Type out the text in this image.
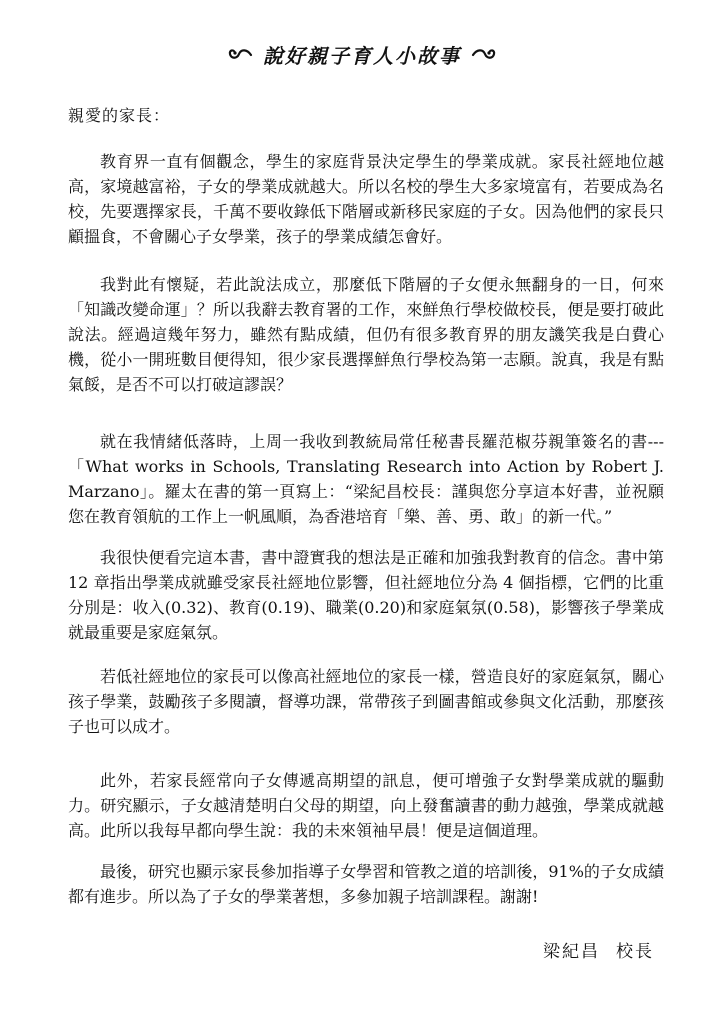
說好親子育人小故事
親愛的家長：

教育界一直有個觀念，學生的家庭背景決定學生的學業成就。家長社經地位越高，家境越富裕，子女的學業成就越大。所以名校的學生大多家境富有，若要成為名校，先要選擇家長，千萬不要收錄低下階層或新移民家庭的子女。因為他們的家長只顧搵食，不會關心子女學業，孩子的學業成績怎會好。

我對此有懷疑，若此說法成立，那麼低下階層的子女便永無翻身的一日，何來「知識改變命運」？所以我辭去教育署的工作，來鮮魚行學校做校長，便是要打破此說法。經過這幾年努力，雖然有點成績，但仍有很多教育界的朋友譏笑我是白費心機，從小一開班數目便得知，很少家長選擇鮮魚行學校為第一志願。說真，我是有點氣餒，是否不可以打破這謬誤？

就在我情緒低落時，上周一我收到教統局常任秘書長羅范椒芬親筆簽名的書---「What works in Schools, Translating Research into Action by Robert J. Marzano」。羅太在書的第一頁寫上：“梁紀昌校長：謹與您分享這本好書，並祝願您在教育領航的工作上一帆風順，為香港培育「樂、善、勇、敢」的新一代。”

我很快便看完這本書，書中證實我的想法是正確和加強我對教育的信念。書中第 12 章指出學業成就雖受家長社經地位影響，但社經地位分為 4 個指標，它們的比重分別是：收入(0.32)、教育(0.19)、職業(0.20)和家庭氣氛(0.58)，影響孩子學業成就最重要是家庭氣氛。

若低社經地位的家長可以像高社經地位的家長一樣，營造良好的家庭氣氛，關心孩子學業，鼓勵孩子多閱讀，督導功課，常帶孩子到圖書館或參與文化活動，那麼孩子也可以成才。

此外，若家長經常向子女傳遞高期望的訊息，便可增強子女對學業成就的驅動力。研究顯示，子女越清楚明白父母的期望，向上發奮讀書的動力越強，學業成就越高。此所以我每早都向學生說：我的未來領袖早晨！便是這個道理。

最後，研究也顯示家長參加指導子女學習和管教之道的培訓後，91%的子女成績都有進步。所以為了子女的學業著想，多參加親子培訓課程。謝謝!

梁紀昌 校長
